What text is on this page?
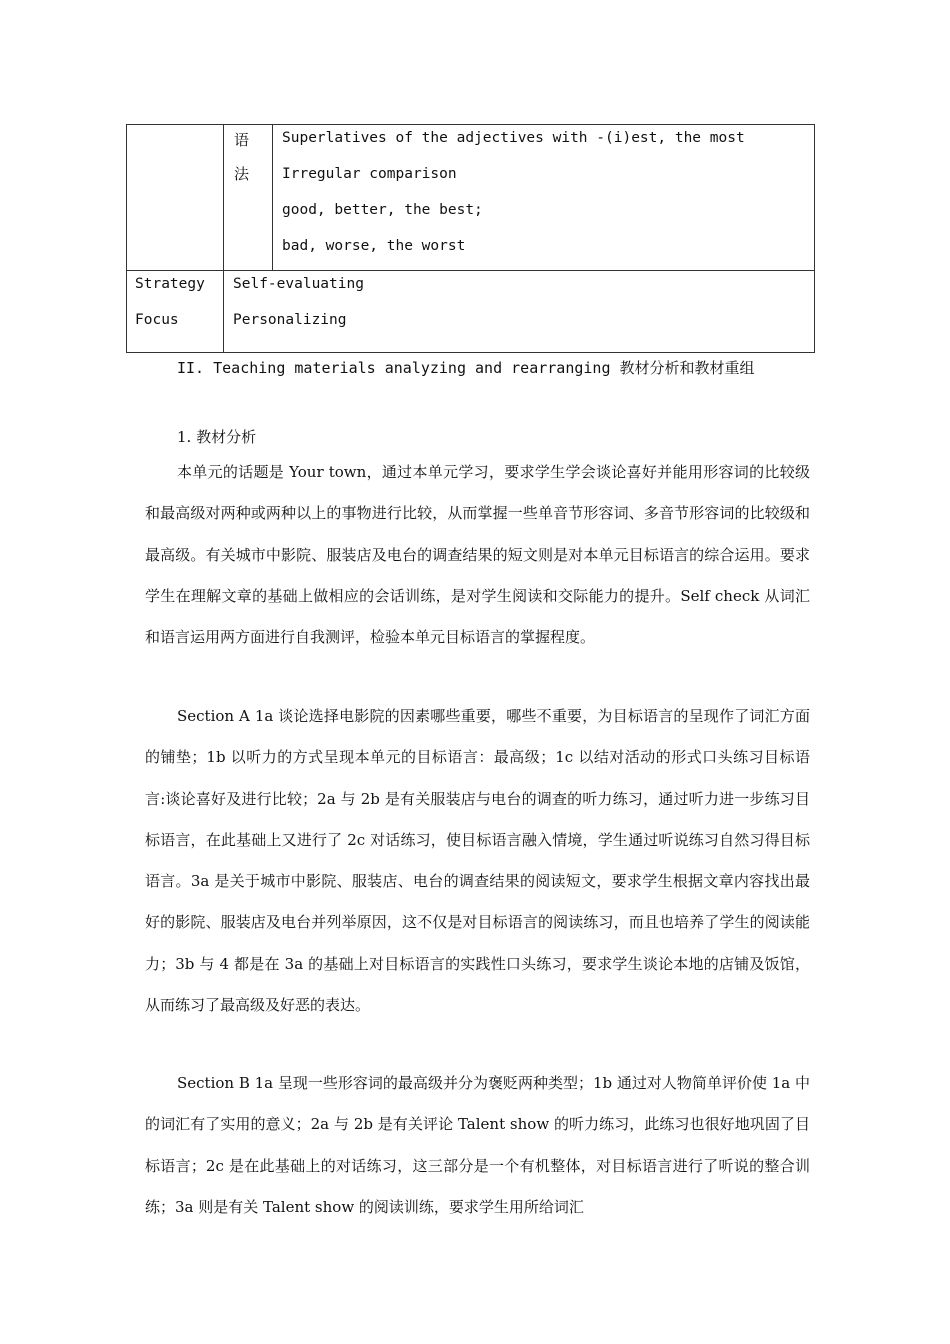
语
法
Superlatives of the adjectives with -(i)est, the most
Irregular comparison
good, better, the best;
bad, worse, the worst
Strategy
Focus
Self-evaluating
Personalizing
II. Teaching materials analyzing and rearranging 教材分析和教材重组
1. 教材分析

本单元的话题是 Your town，通过本单元学习，要求学生学会谈论喜好并能用形容词的比较级和最高级对两种或两种以上的事物进行比较，从而掌握一些单音节形容词、多音节形容词的比较级和最高级。有关城市中影院、服装店及电台的调查结果的短文则是对本单元目标语言的综合运用。要求学生在理解文章的基础上做相应的会话训练，是对学生阅读和交际能力的提升。Self check 从词汇和语言运用两方面进行自我测评，检验本单元目标语言的掌握程度。

Section A 1a 谈论选择电影院的因素哪些重要，哪些不重要，为目标语言的呈现作了词汇方面的铺垫；1b 以听力的方式呈现本单元的目标语言：最高级；1c 以结对活动的形式口头练习目标语言:谈论喜好及进行比较；2a 与 2b 是有关服装店与电台的调查的听力练习，通过听力进一步练习目标语言，在此基础上又进行了 2c 对话练习，使目标语言融入情境，学生通过听说练习自然习得目标语言。3a 是关于城市中影院、服装店、电台的调查结果的阅读短文，要求学生根据文章内容找出最好的影院、服装店及电台并列举原因，这不仅是对目标语言的阅读练习，而且也培养了学生的阅读能力；3b 与 4 都是在 3a 的基础上对目标语言的实践性口头练习，要求学生谈论本地的店铺及饭馆，从而练习了最高级及好恶的表达。

Section B 1a 呈现一些形容词的最高级并分为褒贬两种类型；1b 通过对人物简单评价使 1a 中的词汇有了实用的意义；2a 与 2b 是有关评论 Talent show 的听力练习，此练习也很好地巩固了目标语言；2c 是在此基础上的对话练习，这三部分是一个有机整体，对目标语言进行了听说的整合训练；3a 则是有关 Talent show 的阅读训练，要求学生用所给词汇
